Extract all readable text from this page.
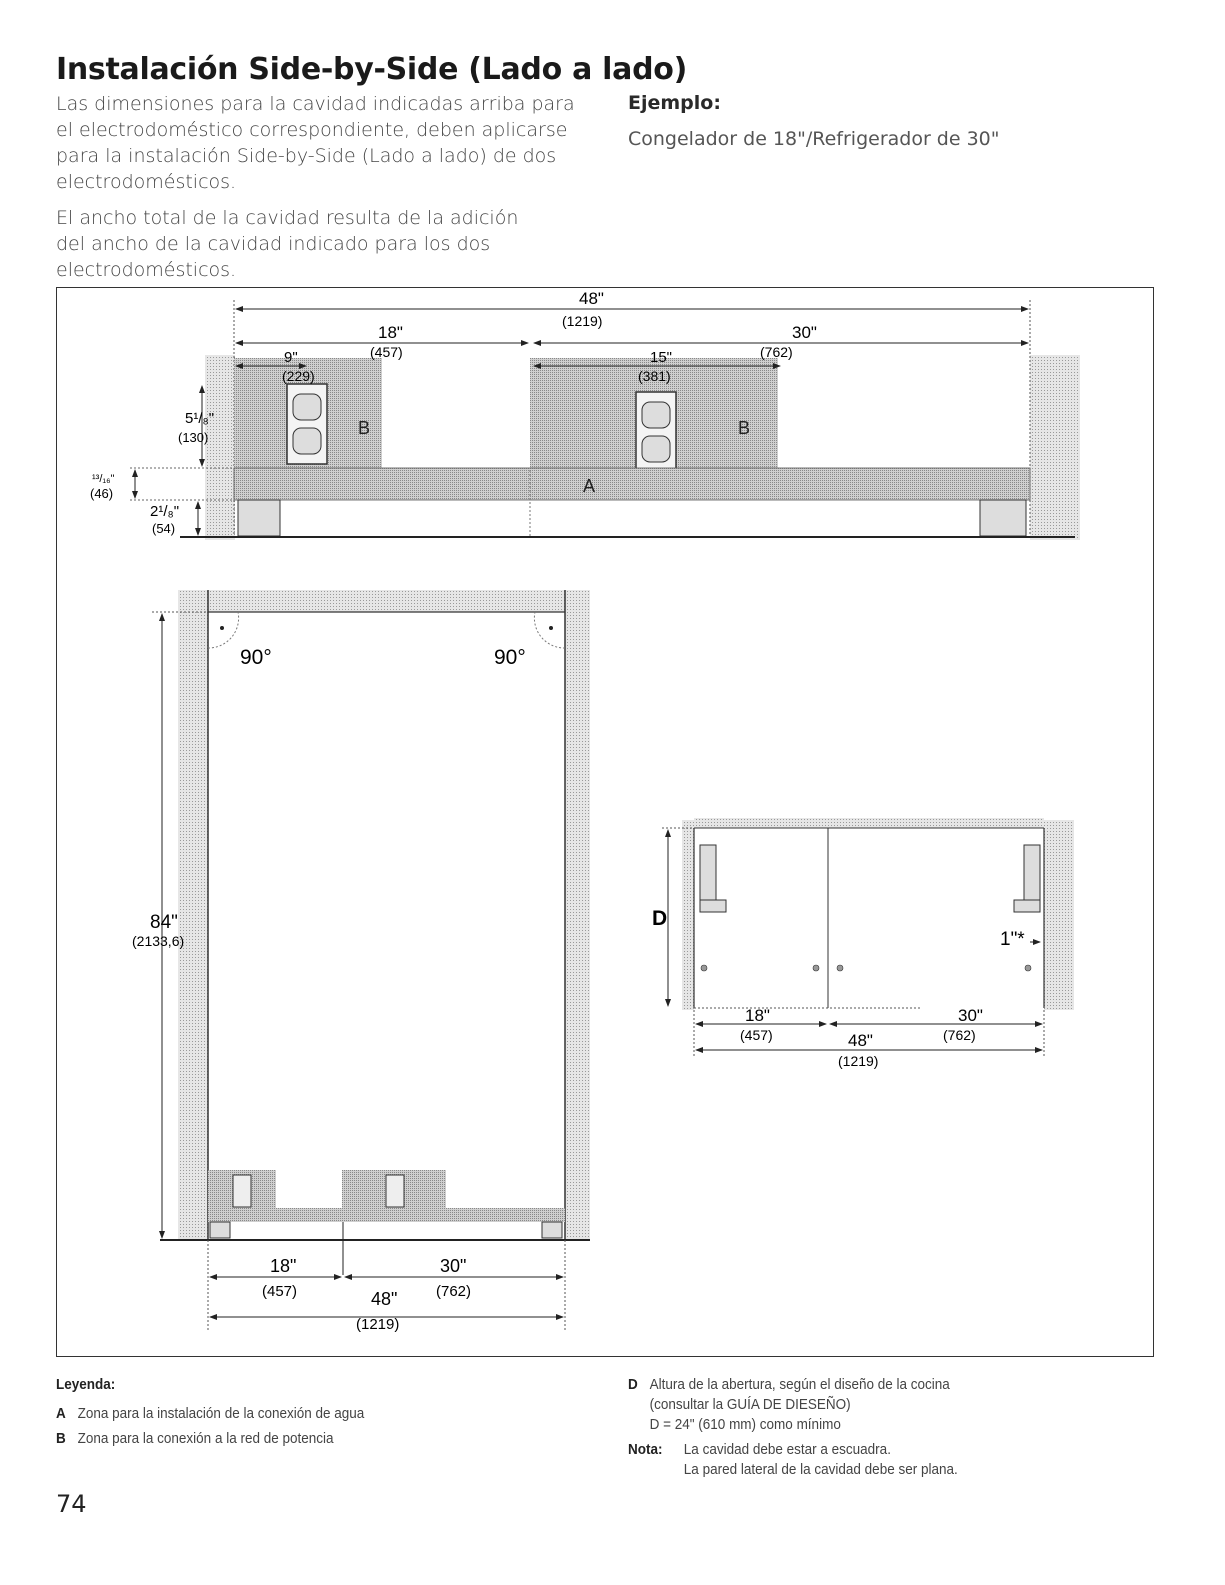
Instalación Side-by-Side (Lado a lado)
Las dimensiones para la cavidad indicadas arriba para el electrodoméstico correspondiente, deben aplicarse para la instalación Side-by-Side (Lado a lado) de dos electrodomésticos.
El ancho total de la cavidad resulta de la adición del ancho de la cavidad indicado para los dos electrodomésticos.
Ejemplo:
Congelador de 18"/Refrigerador de 30"
B	B
A
48"
(1219)
18"
(457)
30"
(762)
9"
(229)
15"
(381)
5¹/₈"
(130)
¹³/₁₆"
(46)
2¹/₈"
(54)
90°	90°
84"
(2133,6)
18"
(457)
30"
(762)
48"
(1219)
D
1"*
18"
(457)
30"
(762)
48"
(1219)
Leyenda:
A Zona para la instalación de la conexión de agua
B Zona para la conexión a la red de potencia
D Altura de la abertura, según el diseño de la cocina
(consultar la GUÍA DE DIESEÑO)
D = 24" (610 mm) como mínimo
Nota: La cavidad debe estar a escuadra.
La pared lateral de la cavidad debe ser plana.
74
